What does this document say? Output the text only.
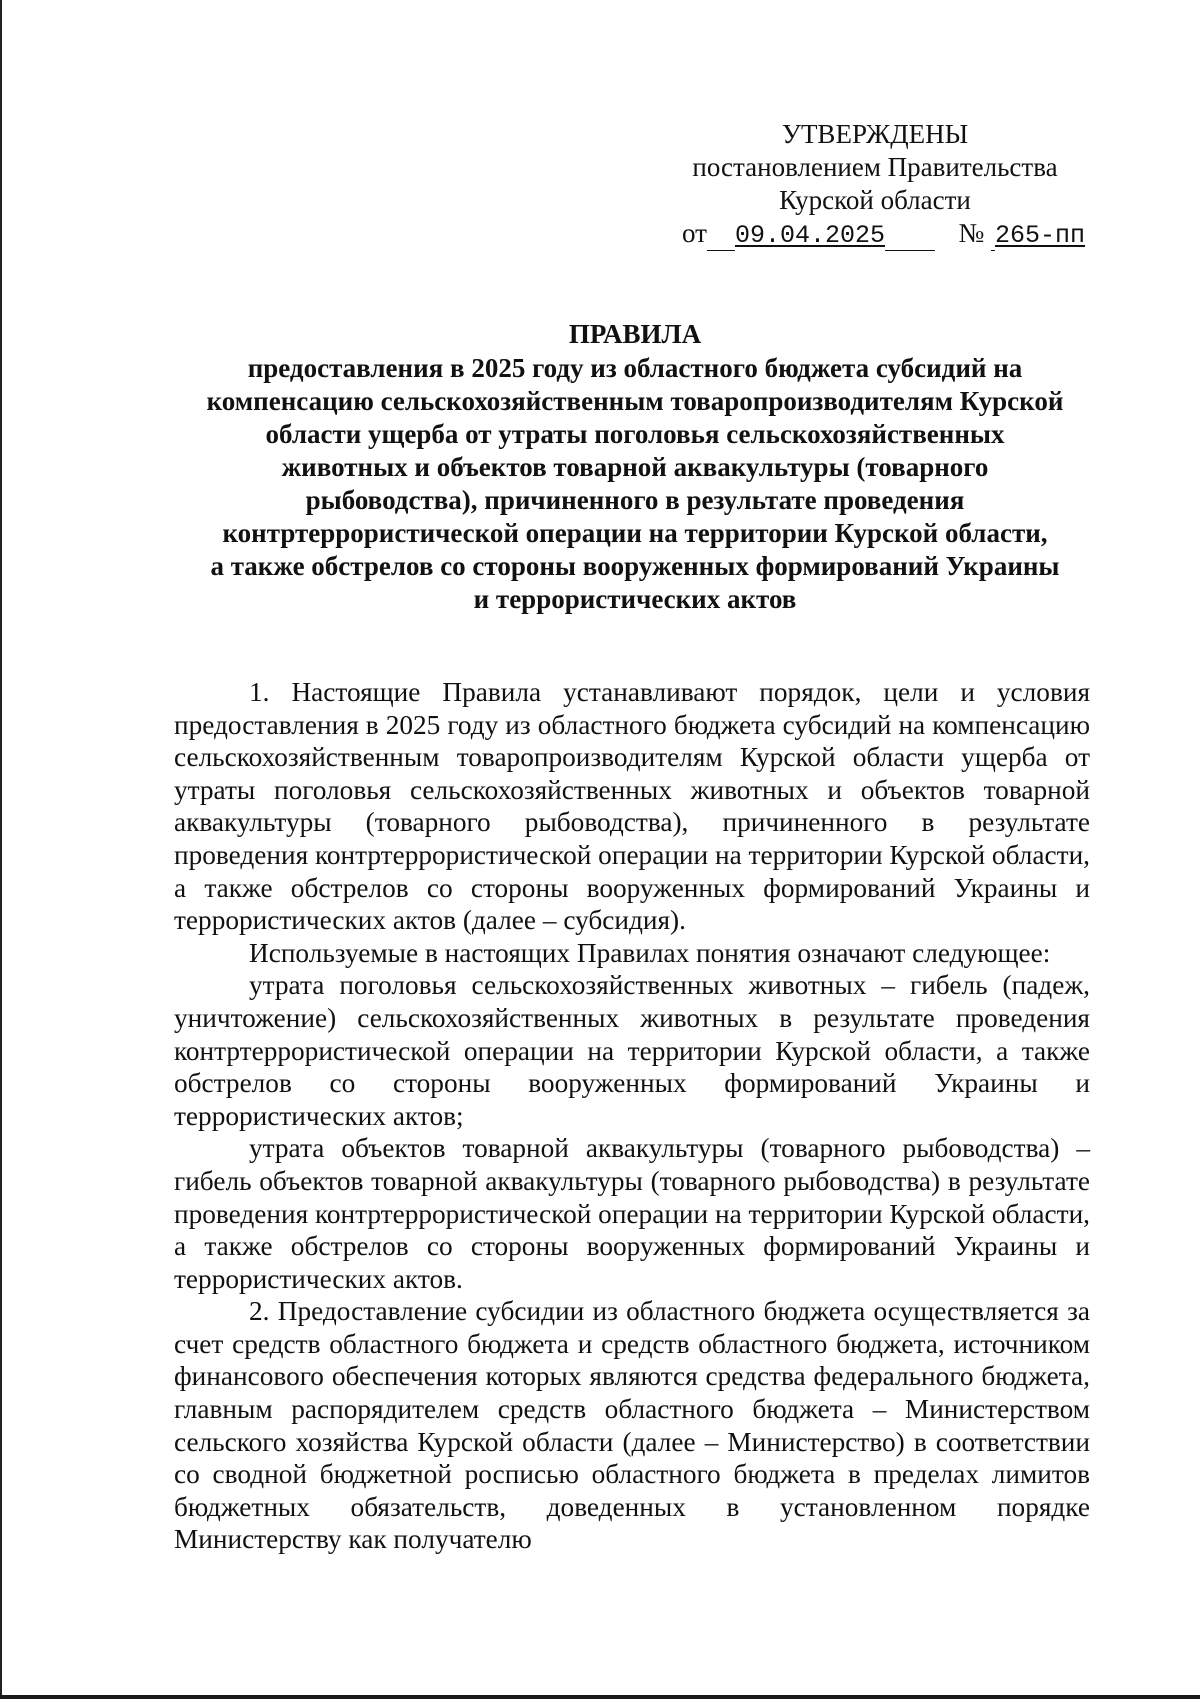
УТВЕРЖДЕНЫ
постановлением Правительства
Курской области
от 09.04.2025	№ 265-пп
ПРАВИЛА
предоставления в 2025 году из областного бюджета субсидий на
компенсацию сельскохозяйственным товаропроизводителям Курской
области ущерба от утраты поголовья сельскохозяйственных
животных и объектов товарной аквакультуры (товарного
рыбоводства), причиненного в результате проведения
контртеррористической операции на территории Курской области,
а также обстрелов со стороны вооруженных формирований Украины
и террористических актов

1. Настоящие Правила устанавливают порядок, цели и условия предоставления в 2025 году из областного бюджета субсидий на компенсацию сельскохозяйственным товаропроизводителям Курской области ущерба от утраты поголовья сельскохозяйственных животных и объектов товарной аквакультуры (товарного рыбоводства), причиненного в результате проведения контртеррористической операции на территории Курской области, а также обстрелов со стороны вооруженных формирований Украины и террористических актов (далее – субсидия).

Используемые в настоящих Правилах понятия означают следующее:

утрата поголовья сельскохозяйственных животных – гибель (падеж, уничтожение) сельскохозяйственных животных в результате проведения контртеррористической операции на территории Курской области, а также обстрелов со стороны вооруженных формирований Украины и террористических актов;

утрата объектов товарной аквакультуры (товарного рыбоводства) – гибель объектов товарной аквакультуры (товарного рыбоводства) в результате проведения контртеррористической операции на территории Курской области, а также обстрелов со стороны вооруженных формирований Украины и террористических актов.

2. Предоставление субсидии из областного бюджета осуществляется за счет средств областного бюджета и средств областного бюджета, источником финансового обеспечения которых являются средства федерального бюджета, главным распорядителем средств областного бюджета – Министерством сельского хозяйства Курской области (далее – Министерство) в соответствии со сводной бюджетной росписью областного бюджета в пределах лимитов бюджетных обязательств, доведенных в установленном порядке Министерству как получателю
